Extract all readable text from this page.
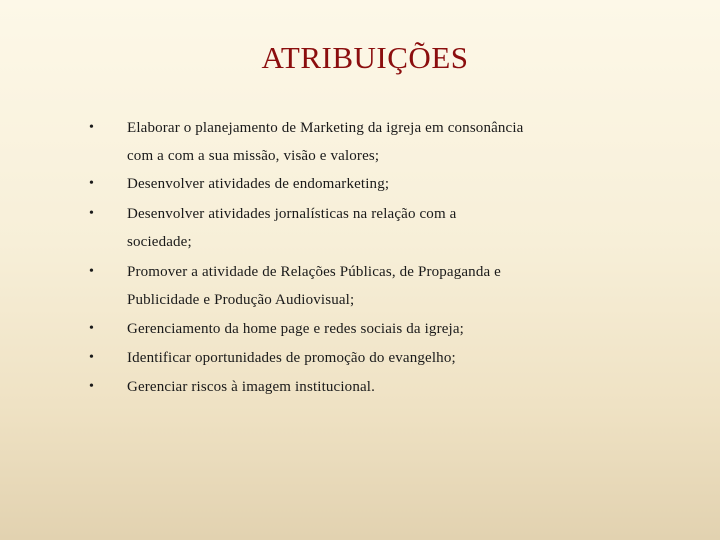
ATRIBUIÇÕES
• Elaborar o planejamento de Marketing da igreja em consonância
com a com a sua missão, visão e valores;
• Desenvolver atividades de endomarketing;
• Desenvolver atividades jornalísticas na relação com a
sociedade;
• Promover a atividade de Relações Públicas, de Propaganda e
Publicidade e Produção Audiovisual;
• Gerenciamento da home page e redes sociais da igreja;
• Identificar oportunidades de promoção do evangelho;
• Gerenciar riscos à imagem institucional.
